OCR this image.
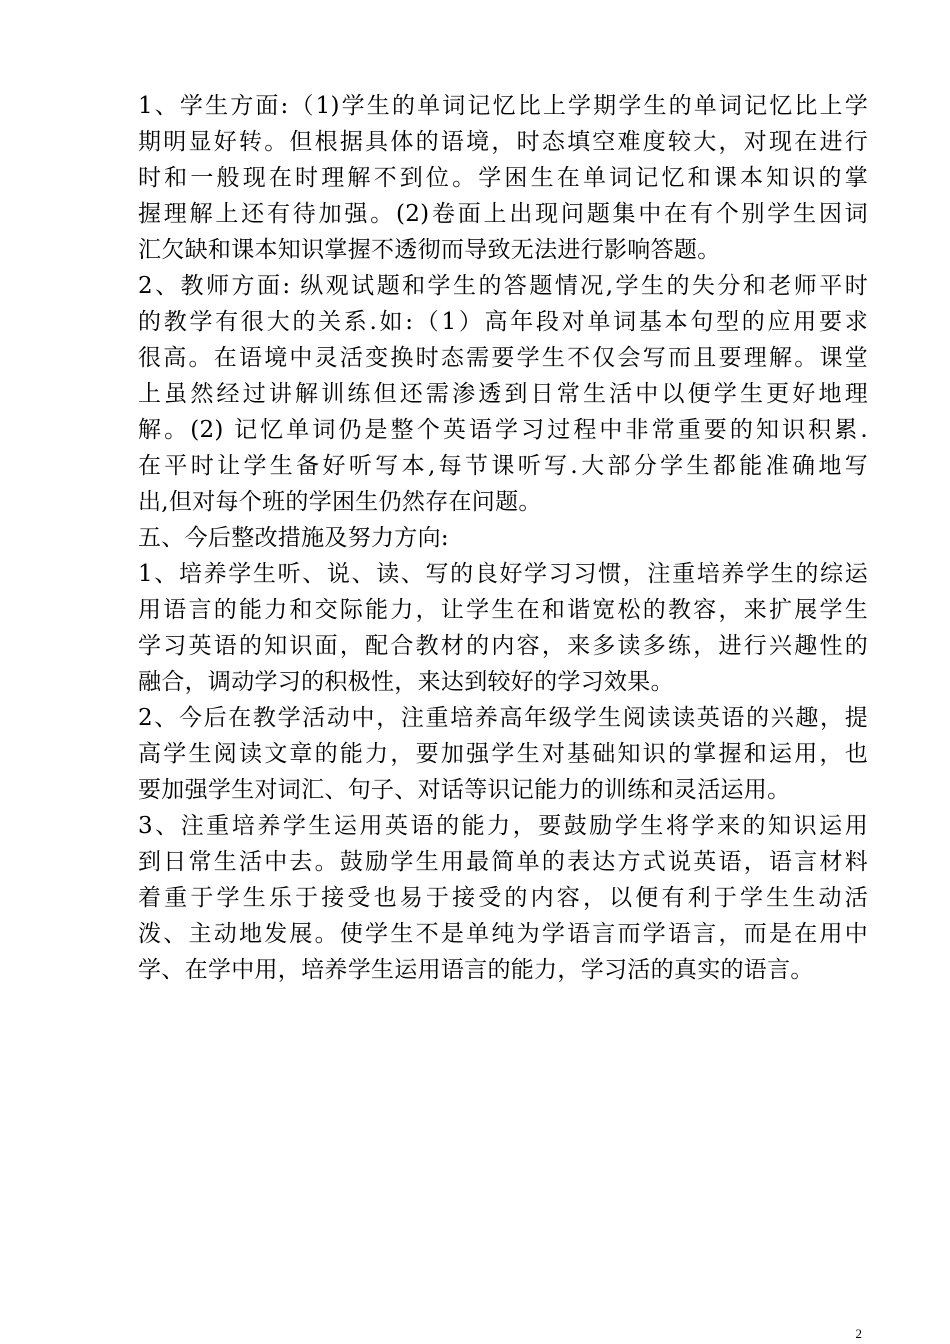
1、学生方面:（1)学生的单词记忆比上学期学生的单词记忆比上学
期明显好转。但根据具体的语境，时态填空难度较大，对现在进行
时和一般现在时理解不到位。学困生在单词记忆和课本知识的掌
握理解上还有待加强。(2)卷面上出现问题集中在有个别学生因词
汇欠缺和课本知识掌握不透彻而导致无法进行影响答题。
2、教师方面: 纵观试题和学生的答题情况,学生的失分和老师平时
的教学有很大的关系.如:（1）高年段对单词基本句型的应用要求
很高。在语境中灵活变换时态需要学生不仅会写而且要理解。课堂
上虽然经过讲解训练但还需渗透到日常生活中以便学生更好地理
解。(2) 记忆单词仍是整个英语学习过程中非常重要的知识积累.
在平时让学生备好听写本,每节课听写.大部分学生都能准确地写
出,但对每个班的学困生仍然存在问题。
五、今后整改措施及努力方向:
1、培养学生听、说、读、写的良好学习习惯，注重培养学生的综运
用语言的能力和交际能力，让学生在和谐宽松的教容，来扩展学生
学习英语的知识面，配合教材的内容，来多读多练，进行兴趣性的
融合，调动学习的积极性，来达到较好的学习效果。
2、今后在教学活动中，注重培养高年级学生阅读读英语的兴趣，提
高学生阅读文章的能力，要加强学生对基础知识的掌握和运用，也
要加强学生对词汇、句子、对话等识记能力的训练和灵活运用。
3、注重培养学生运用英语的能力，要鼓励学生将学来的知识运用
到日常生活中去。鼓励学生用最简单的表达方式说英语，语言材料
着重于学生乐于接受也易于接受的内容，以便有利于学生生动活
泼、主动地发展。使学生不是单纯为学语言而学语言，而是在用中
学、在学中用，培养学生运用语言的能力，学习活的真实的语言。
2
